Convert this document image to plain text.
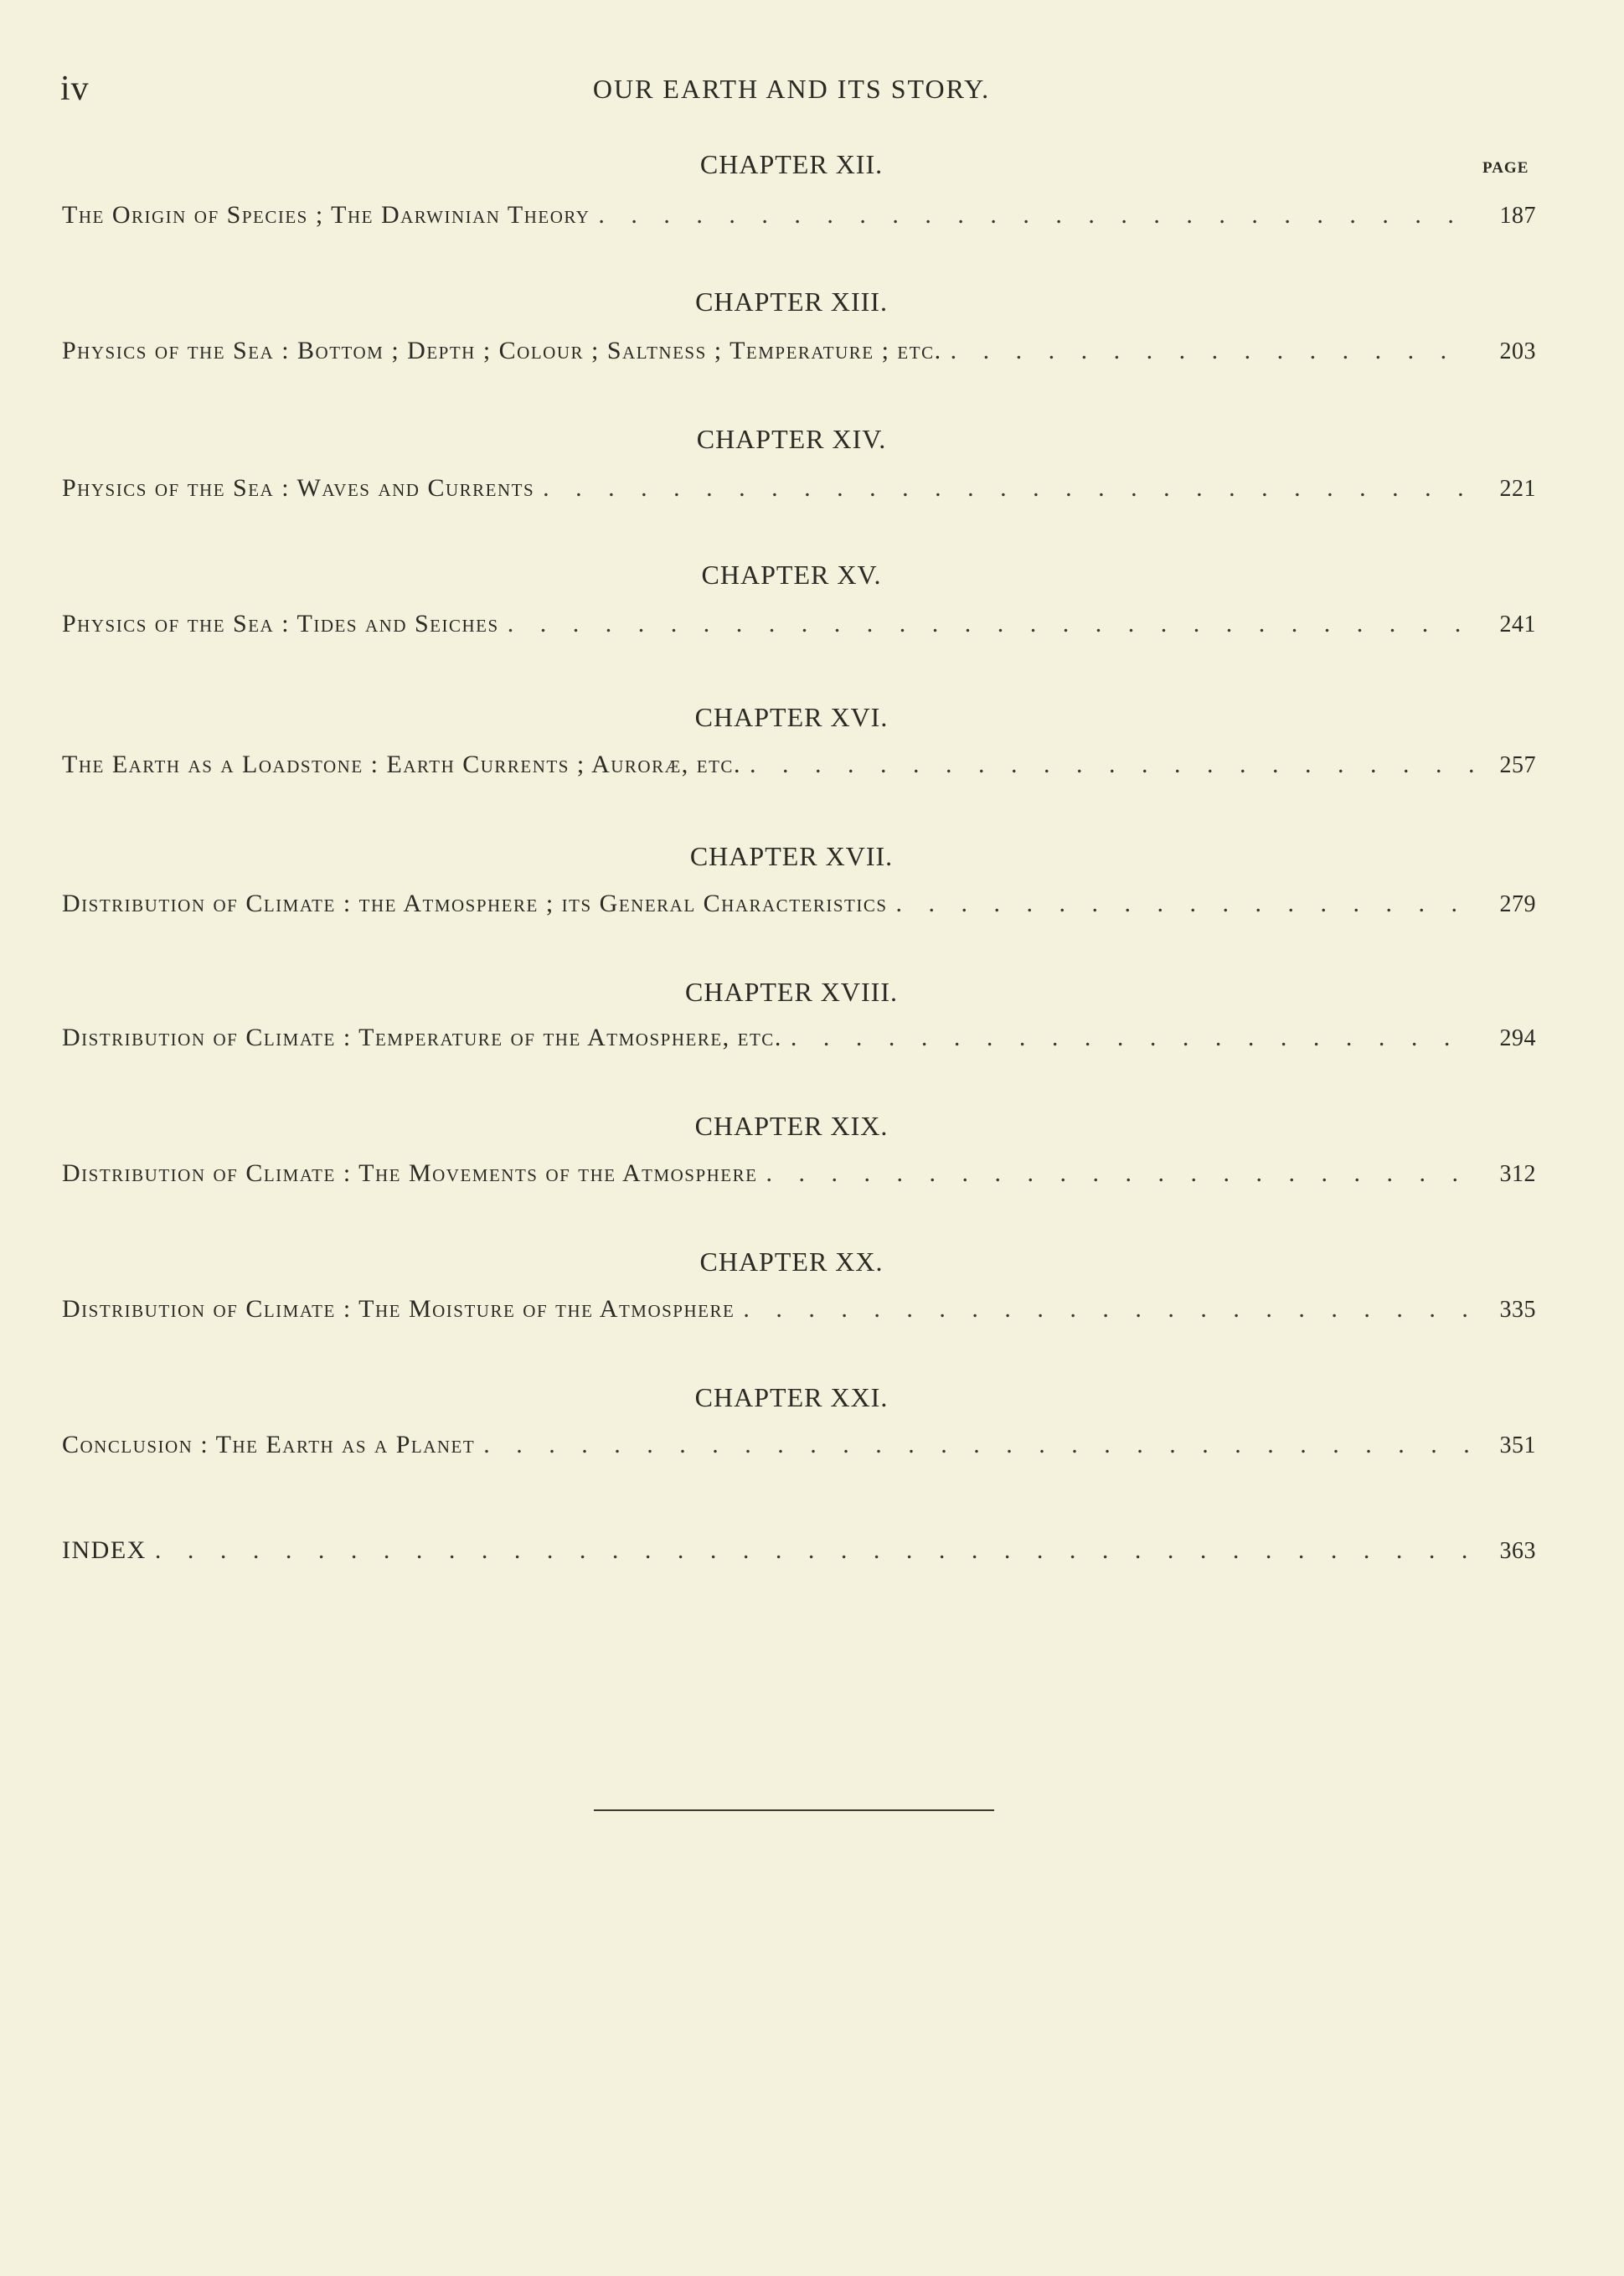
iv	OUR EARTH AND ITS STORY.
PAGE
CHAPTER XII.
The Origin of Species ; The Darwinian Theory . . .	187
CHAPTER XIII.
Physics of the Sea : Bottom ; Depth ; Colour ; Saltness ; Temperature ; etc. . . .	203
CHAPTER XIV.
Physics of the Sea : Waves and Currents . . .	221
CHAPTER XV.
Physics of the Sea : Tides and Seiches . . .	241
CHAPTER XVI.
The Earth as a Loadstone : Earth Currents ; Auroræ, etc. . . .	257
CHAPTER XVII.
Distribution of Climate : the Atmosphere ; its General Characteristics . . .	279
CHAPTER XVIII.
Distribution of Climate : Temperature of the Atmosphere, etc. . . .	294
CHAPTER XIX.
Distribution of Climate : The Movements of the Atmosphere . . .	312
CHAPTER XX.
Distribution of Climate : The Moisture of the Atmosphere . . .	335
CHAPTER XXI.
Conclusion : The Earth as a Planet . . .	351
INDEX . . .	363
